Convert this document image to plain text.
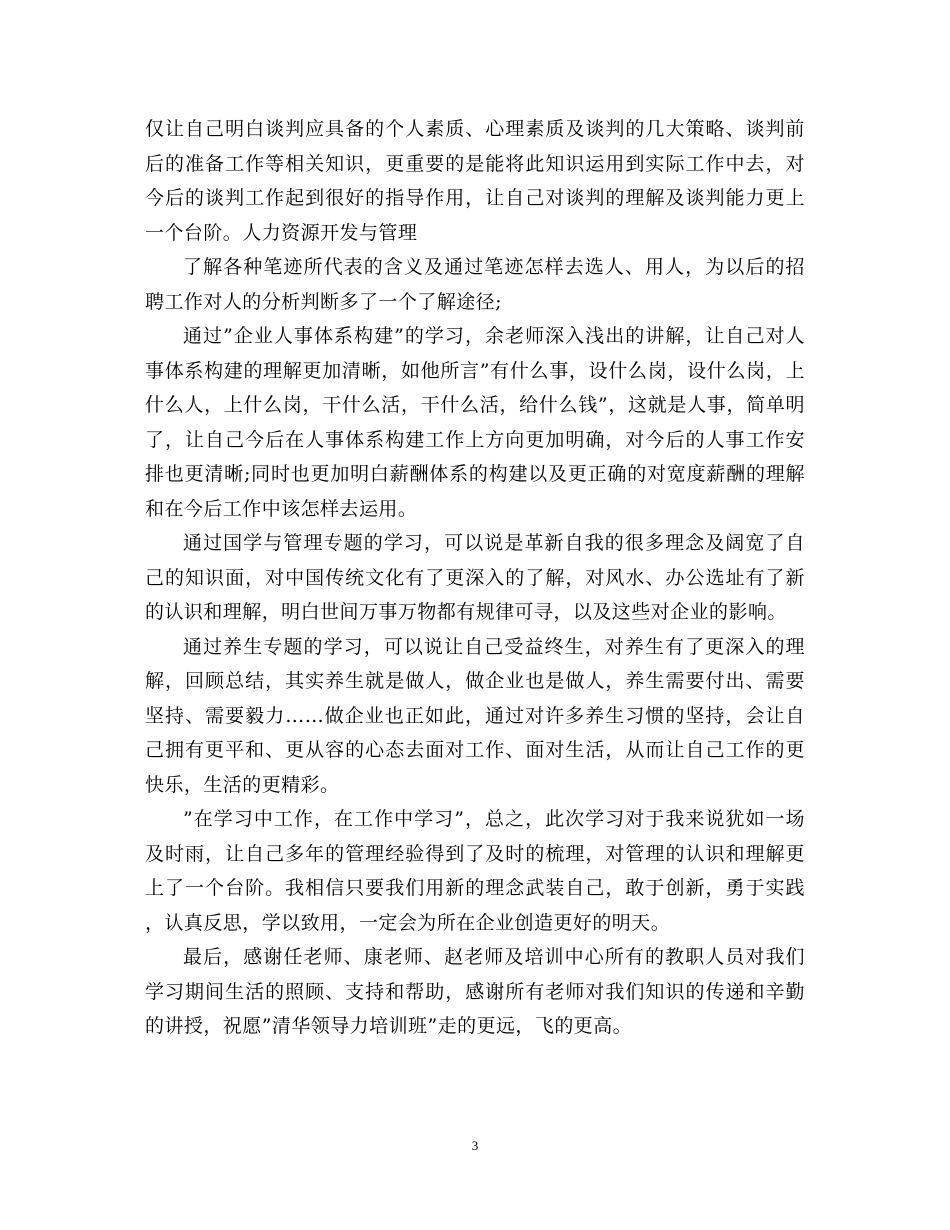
仅让自己明白谈判应具备的个人素质、心理素质及谈判的几大策略、谈判前后的准备工作等相关知识，更重要的是能将此知识运用到实际工作中去，对今后的谈判工作起到很好的指导作用，让自己对谈判的理解及谈判能力更上一个台阶。人力资源开发与管理

了解各种笔迹所代表的含义及通过笔迹怎样去选人、用人，为以后的招聘工作对人的分析判断多了一个了解途径;

通过”企业人事体系构建”的学习，余老师深入浅出的讲解，让自己对人事体系构建的理解更加清晰，如他所言”有什么事，设什么岗，设什么岗，上什么人，上什么岗，干什么活，干什么活，给什么钱”，这就是人事，简单明了，让自己今后在人事体系构建工作上方向更加明确，对今后的人事工作安排也更清晰;同时也更加明白薪酬体系的构建以及更正确的对宽度薪酬的理解和在今后工作中该怎样去运用。

通过国学与管理专题的学习，可以说是革新自我的很多理念及阔宽了自己的知识面，对中国传统文化有了更深入的了解，对风水、办公选址有了新的认识和理解，明白世间万事万物都有规律可寻，以及这些对企业的影响。

通过养生专题的学习，可以说让自己受益终生，对养生有了更深入的理解，回顾总结，其实养生就是做人，做企业也是做人，养生需要付出、需要坚持、需要毅力……做企业也正如此，通过对许多养生习惯的坚持，会让自己拥有更平和、更从容的心态去面对工作、面对生活，从而让自己工作的更快乐，生活的更精彩。

”在学习中工作，在工作中学习”，总之，此次学习对于我来说犹如一场及时雨，让自己多年的管理经验得到了及时的梳理，对管理的认识和理解更上了一个台阶。我相信只要我们用新的理念武装自己，敢于创新，勇于实践，认真反思，学以致用，一定会为所在企业创造更好的明天。

最后，感谢任老师、康老师、赵老师及培训中心所有的教职人员对我们学习期间生活的照顾、支持和帮助，感谢所有老师对我们知识的传递和辛勤的讲授，祝愿”清华领导力培训班”走的更远，飞的更高。

3
